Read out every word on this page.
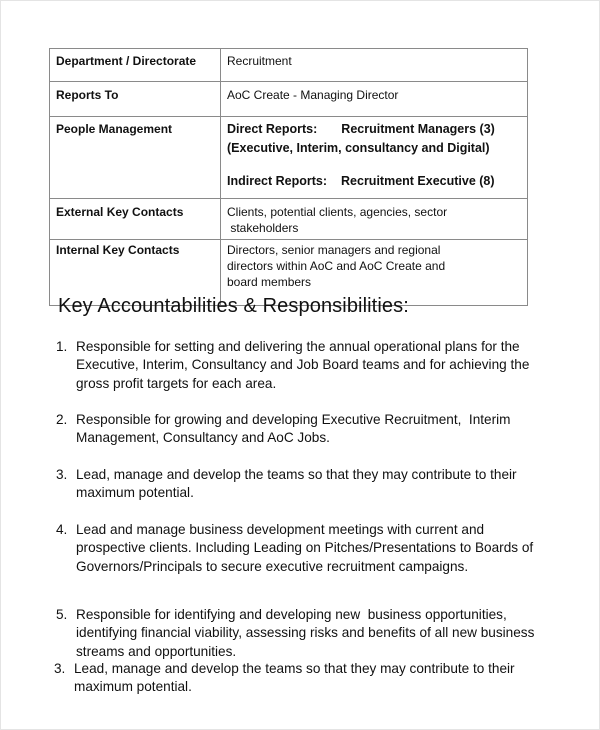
Department / Directorate	Recruitment
Reports To	AoC Create - Managing Director
People Management	Direct Reports: Recruitment Managers (3)
(Executive, Interim, consultancy and Digital)
Indirect Reports: Recruitment Executive (8)

External Key Contacts	Clients, potential clients, agencies, sector
stakeholders

Internal Key Contacts	Directors, senior managers and regional
directors within AoC and AoC Create and
board members
Key Accountabilities & Responsibilities:
1. Responsible for setting and delivering the annual operational plans for the
Executive, Interim, Consultancy and Job Board teams and for achieving the
gross profit targets for each area.
2. Responsible for growing and developing Executive Recruitment,  Interim
Management, Consultancy and AoC Jobs.
3. Lead, manage and develop the teams so that they may contribute to their
maximum potential.
4. Lead and manage business development meetings with current and
prospective clients. Including Leading on Pitches/Presentations to Boards of
Governors/Principals to secure executive recruitment campaigns.
5. Responsible for identifying and developing new  business opportunities,
identifying financial viability, assessing risks and benefits of all new business
streams and opportunities.
3. Lead, manage and develop the teams so that they may contribute to their
maximum potential.
